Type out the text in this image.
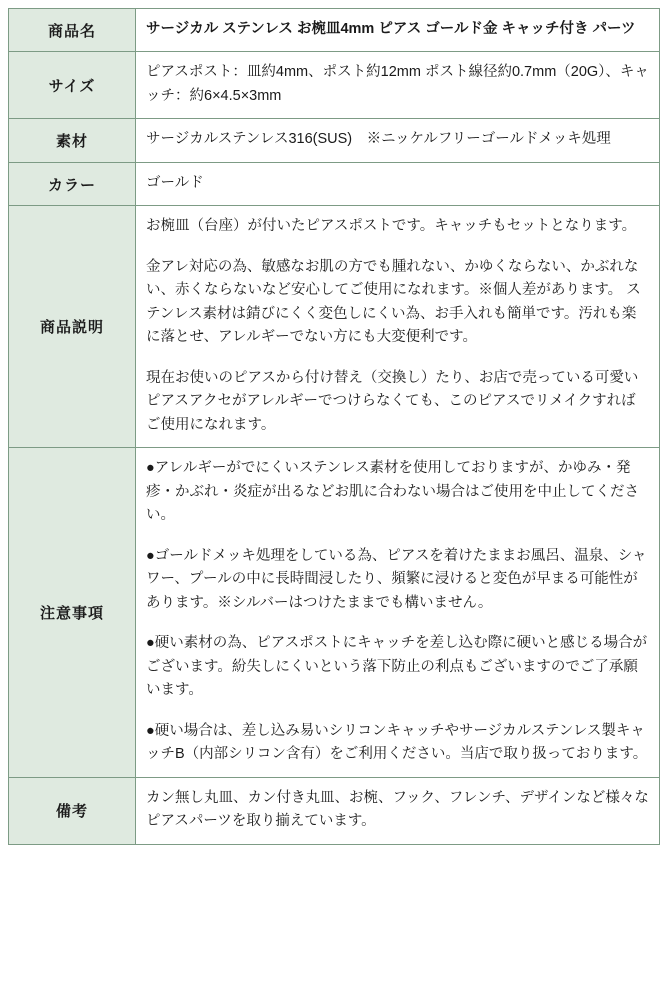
商品名	サージカル ステンレス お椀皿4mm ピアス ゴールド金 キャッチ付き パーツ

サイズ	ピアスポスト：皿約4mm、ポスト約12mm ポスト線径約0.7mm（20G）、キャッチ：約6×4.5×3mm

素材	サージカルステンレス316(SUS)　※ニッケルフリーゴールドメッキ処理

カラー	ゴールド

商品説明	お椀皿（台座）が付いたピアスポストです。キャッチもセットとなります。

金アレ対応の為、敏感なお肌の方でも腫れない、かゆくならない、かぶれない、赤くならないなど安心してご使用になれます。※個人差があります。 ステンレス素材は錆びにくく変色しにくい為、お手入れも簡単です。汚れも楽に落とせ、アレルギーでない方にも大変便利です。

現在お使いのピアスから付け替え（交換し）たり、お店で売っている可愛いピアスアクセがアレルギーでつけらなくても、このピアスでリメイクすればご使用になれます。

注意事項	●アレルギーがでにくいステンレス素材を使用しておりますが、かゆみ・発疹・かぶれ・炎症が出るなどお肌に合わない場合はご使用を中止してください。

●ゴールドメッキ処理をしている為、ピアスを着けたままお風呂、温泉、シャワー、プールの中に長時間浸したり、頻繁に浸けると変色が早まる可能性があります。※シルバーはつけたままでも構いません。

●硬い素材の為、ピアスポストにキャッチを差し込む際に硬いと感じる場合がございます。紛失しにくいという落下防止の利点もございますのでご了承願います。

●硬い場合は、差し込み易いシリコンキャッチやサージカルステンレス製キャッチB（内部シリコン含有）をご利用ください。当店で取り扱っております。

備考	カン無し丸皿、カン付き丸皿、お椀、フック、フレンチ、デザインなど様々なピアスパーツを取り揃えています。
